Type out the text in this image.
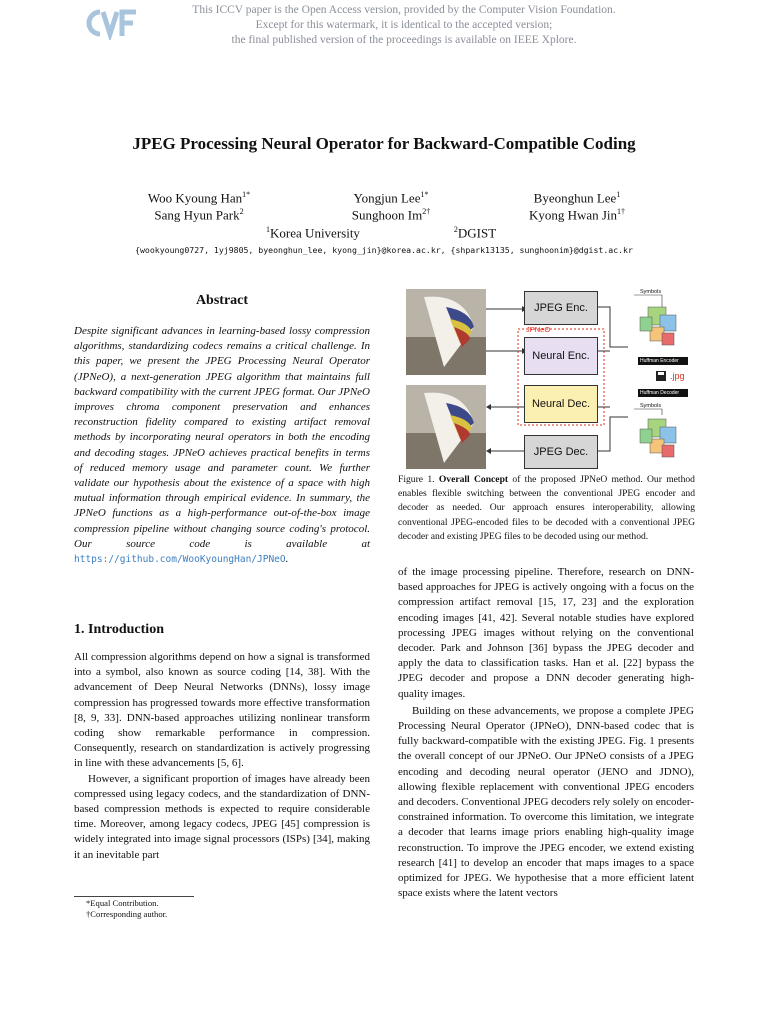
This ICCV paper is the Open Access version, provided by the Computer Vision Foundation.
Except for this watermark, it is identical to the accepted version;
the final published version of the proceedings is available on IEEE Xplore.
JPEG Processing Neural Operator for Backward-Compatible Coding
Woo Kyoung Han$^{1*}$	Yongjun Lee$^{1*}$	Byeonghun Lee$^1$
Sang Hyun Park$^2$	Sunghoon $Im^{2\dagger}$	Kyong Hwan Jin$^{1\dagger}$
$^1$Korea University	$^2$DGIST
{wookyoung0727, 1yj9805, byeonghun_lee, kyong_jin}@korea.ac.kr, {shpark13135, sunghoonim}@dgist.ac.kr
Abstract

Despite significant advances in learning-based lossy compression algorithms, standardizing codecs remains a critical challenge. In this paper, we present the JPEG Processing Neural Operator (JPNeO), a next-generation JPEG algorithm that maintains full backward compatibility with the current JPEG format. Our JPNeO improves chroma component preservation and enhances reconstruction fidelity compared to existing artifact removal methods by incorporating neural operators in both the encoding and decoding stages. JPNeO achieves practical benefits in terms of reduced memory usage and parameter count. We further validate our hypothesis about the existence of a space with high mutual information through empirical evidence. In summary, the JPNeO functions as a high-performance out-of-the-box image compression pipeline without changing source coding's protocol. Our source code is available at https://github.com/WooKyoungHan/JPNeO.

1. Introduction

All compression algorithms depend on how a signal is transformed into a symbol, also known as source coding [14, 38]. With the advancement of Deep Neural Networks (DNNs), lossy image compression has progressed towards more effective transformation [8, 9, 33]. DNN-based approaches utilizing nonlinear transform coding show remarkable performance in compression. Consequently, research on standardization is actively progressing in line with these advancements [5, 6].

However, a significant proportion of images have already been compressed using legacy codecs, and the standardization of DNN-based compression methods is expected to require considerable time. Moreover, among legacy codecs, JPEG [45] compression is widely integrated into image signal processors (ISPs) [34], making it an inevitable part

*Equal Contribution.
†Corresponding author.
JPEG Enc.
JPNeO
Neural Enc.
Neural Dec.
JPEG Dec.
Symbols
Symbols
Huffman Encoder
Huffman Decoder
.jpg
Figure 1. Overall Concept of the proposed JPNeO method. Our method enables flexible switching between the conventional JPEG encoder and decoder as needed. Our approach ensures interoperability, allowing conventional JPEG-encoded files to be decoded with a conventional JPEG decoder and existing JPEG files to be decoded using our method.

of the image processing pipeline. Therefore, research on DNN-based approaches for JPEG is actively ongoing with a focus on the compression artifact removal [15, 17, 23] and the exploration encoding images [41, 42]. Several notable studies have explored processing JPEG images without relying on the conventional decoder. Park and Johnson [36] bypass the JPEG decoder and apply the data to classification tasks. Han et al. [22] bypass the JPEG decoder and propose a DNN decoder generating high-quality images.

Building on these advancements, we propose a complete JPEG Processing Neural Operator (JPNeO), DNN-based codec that is fully backward-compatible with the existing JPEG. Fig. 1 presents the overall concept of our JPNeO. Our JPNeO consists of a JPEG encoding and decoding neural operator (JENO and JDNO), allowing flexible replacement with conventional JPEG encoders and decoders. Conventional JPEG decoders rely solely on encoder-constrained information. To overcome this limitation, we integrate a decoder that learns image priors enabling high-quality image reconstruction. To improve the JPEG encoder, we extend existing research [41] to develop an encoder that maps images to a space optimized for JPEG. We hypothesise that a more efficient latent space exists where the latent vectors
